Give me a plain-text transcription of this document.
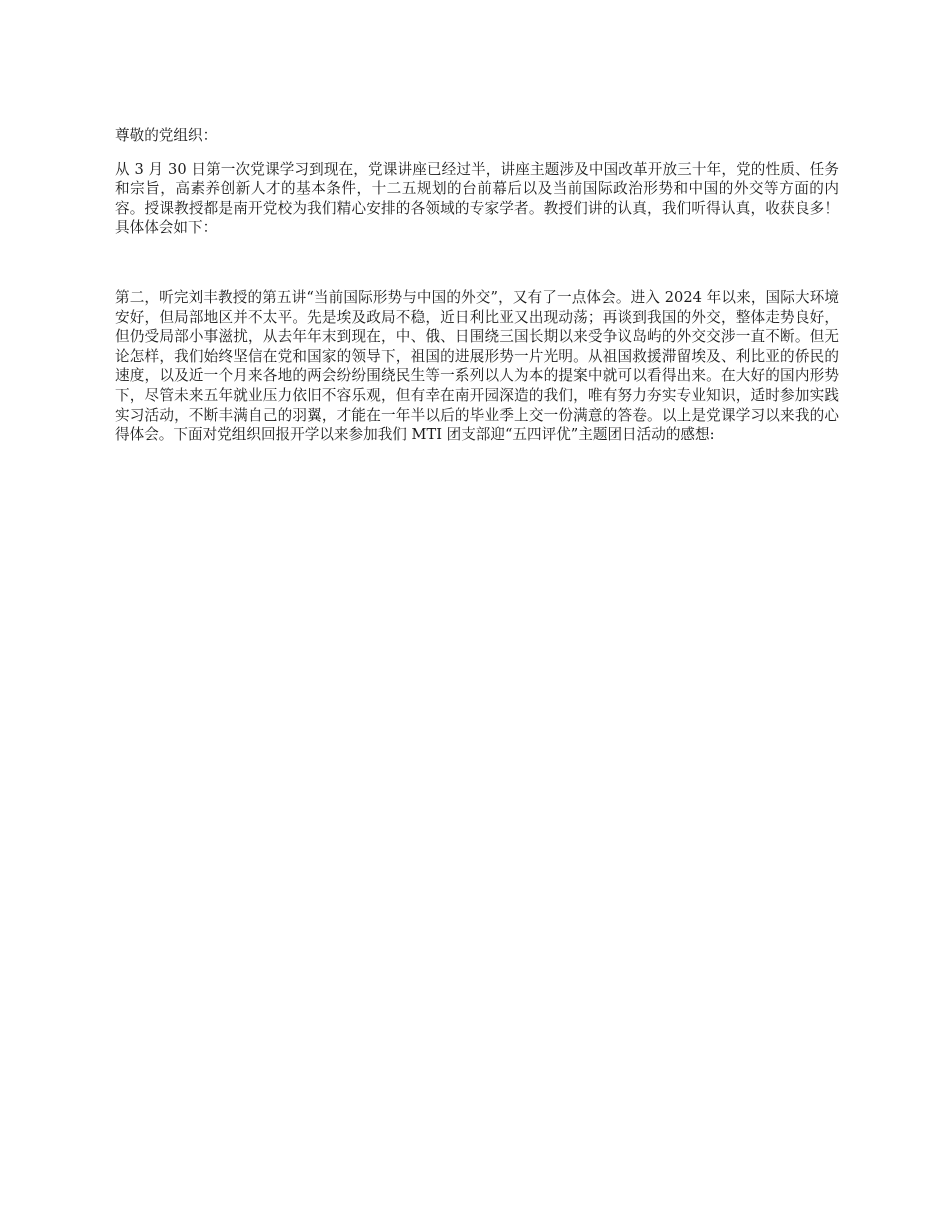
尊敬的党组织：

从 3 月 30 日第一次党课学习到现在，党课讲座已经过半，讲座主题涉及中国改革开放三十年，党的性质、任务和宗旨，高素养创新人才的基本条件，十二五规划的台前幕后以及当前国际政治形势和中国的外交等方面的内容。授课教授都是南开党校为我们精心安排的各领域的专家学者。教授们讲的认真，我们听得认真，收获良多！具体体会如下：

第二，听完刘丰教授的第五讲“当前国际形势与中国的外交”，又有了一点体会。进入 2024 年以来，国际大环境安好，但局部地区并不太平。先是埃及政局不稳，近日利比亚又出现动荡；再谈到我国的外交，整体走势良好，但仍受局部小事滋扰，从去年年末到现在，中、俄、日围绕三国长期以来受争议岛屿的外交交涉一直不断。但无论怎样，我们始终坚信在党和国家的领导下，祖国的进展形势一片光明。从祖国救援滞留埃及、利比亚的侨民的速度，以及近一个月来各地的两会纷纷围绕民生等一系列以人为本的提案中就可以看得出来。在大好的国内形势下，尽管未来五年就业压力依旧不容乐观，但有幸在南开园深造的我们，唯有努力夯实专业知识，适时参加实践实习活动，不断丰满自己的羽翼，才能在一年半以后的毕业季上交一份满意的答卷。以上是党课学习以来我的心得体会。下面对党组织回报开学以来参加我们 MTI 团支部迎“五四评优”主题团日活动的感想:
